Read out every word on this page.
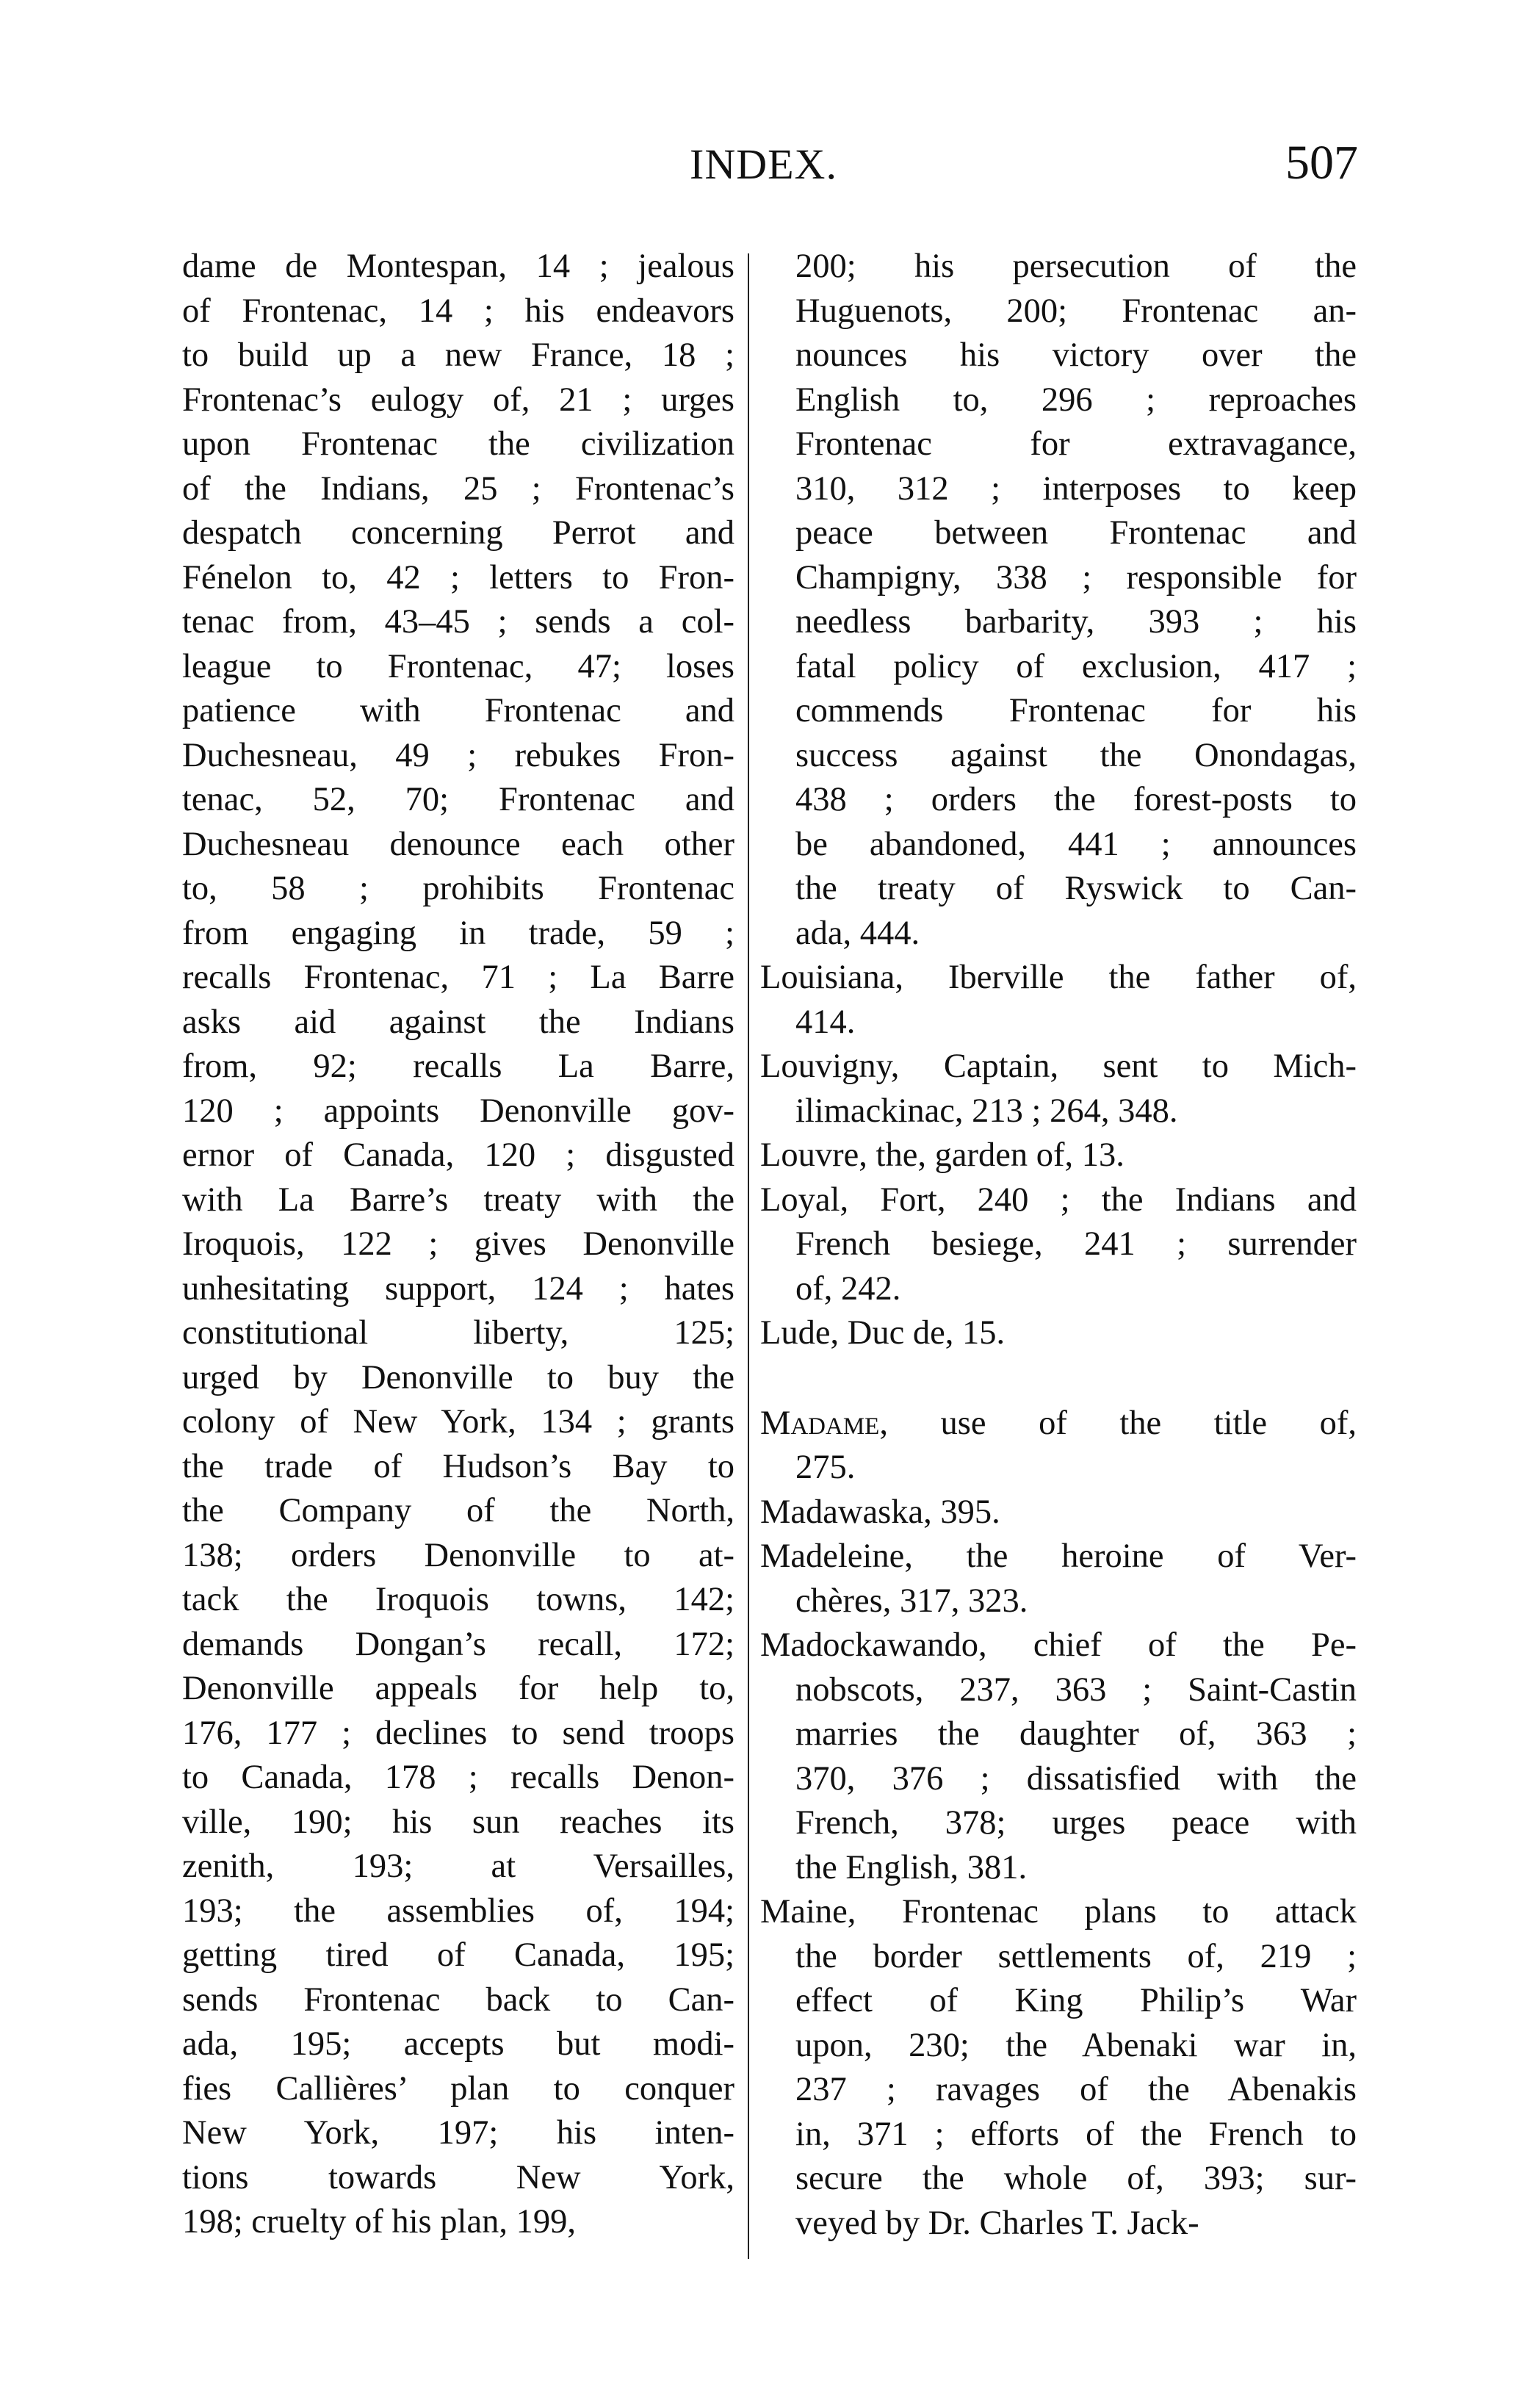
INDEX.	507
dame de Montespan, 14 ; jealous
of Frontenac, 14 ; his endeavors
to build up a new France, 18 ;
Frontenac’s eulogy of, 21 ; urges
upon Frontenac the civilization
of the Indians, 25 ; Frontenac’s
despatch concerning Perrot and
Fénelon to, 42 ; letters to Fron-
tenac from, 43–45 ; sends a col-
league to Frontenac, 47; loses
patience with Frontenac and
Duchesneau, 49 ; rebukes Fron-
tenac, 52, 70; Frontenac and
Duchesneau denounce each other
to, 58 ; prohibits Frontenac
from engaging in trade, 59 ;
recalls Frontenac, 71 ; La Barre
asks aid against the Indians
from, 92; recalls La Barre,
120 ; appoints Denonville gov-
ernor of Canada, 120 ; disgusted
with La Barre’s treaty with the
Iroquois, 122 ; gives Denonville
unhesitating support, 124 ; hates
constitutional liberty, 125;
urged by Denonville to buy the
colony of New York, 134 ; grants
the trade of Hudson’s Bay to
the Company of the North,
138; orders Denonville to at-
tack the Iroquois towns, 142;
demands Dongan’s recall, 172;
Denonville appeals for help to,
176, 177 ; declines to send troops
to Canada, 178 ; recalls Denon-
ville, 190; his sun reaches its
zenith, 193; at Versailles,
193; the assemblies of, 194;
getting tired of Canada, 195;
sends Frontenac back to Can-
ada, 195; accepts but modi-
fies Callières’ plan to conquer
New York, 197; his inten-
tions towards New York,
198; cruelty of his plan, 199,
200; his persecution of the
Huguenots, 200; Frontenac an-
nounces his victory over the
English to, 296 ; reproaches
Frontenac for extravagance,
310, 312 ; interposes to keep
peace between Frontenac and
Champigny, 338 ; responsible for
needless barbarity, 393 ; his
fatal policy of exclusion, 417 ;
commends Frontenac for his
success against the Onondagas,
438 ; orders the forest-posts to
be abandoned, 441 ; announces
the treaty of Ryswick to Can-
ada, 444.
Louisiana, Iberville the father of,
414.
Louvigny, Captain, sent to Mich-
ilimackinac, 213 ; 264, 348.
Louvre, the, garden of, 13.
Loyal, Fort, 240 ; the Indians and
French besiege, 241 ; surrender
of, 242.
Lude, Duc de, 15.
Madame, use of the title of,
275.
Madawaska, 395.
Madeleine, the heroine of Ver-
chères, 317, 323.
Madockawando, chief of the Pe-
nobscots, 237, 363 ; Saint-Castin
marries the daughter of, 363 ;
370, 376 ; dissatisfied with the
French, 378; urges peace with
the English, 381.
Maine, Frontenac plans to attack
the border settlements of, 219 ;
effect of King Philip’s War
upon, 230; the Abenaki war in,
237 ; ravages of the Abenakis
in, 371 ; efforts of the French to
secure the whole of, 393; sur-
veyed by Dr. Charles T. Jack-
